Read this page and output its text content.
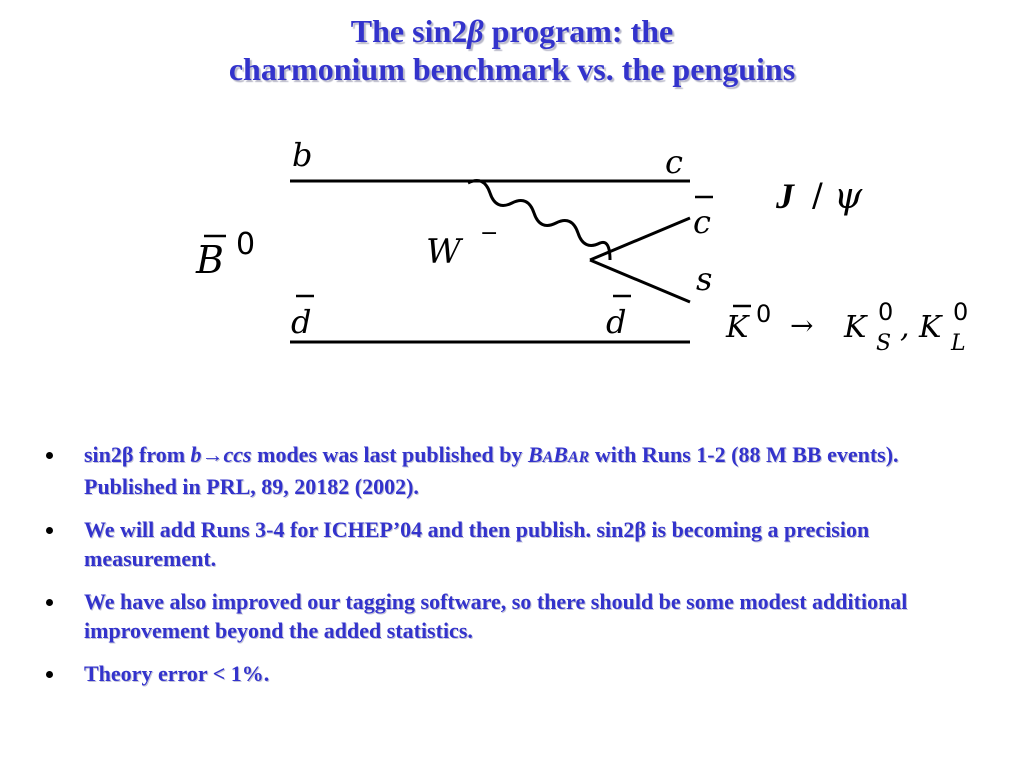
The sin2β program: the
charmonium benchmark vs. the penguins
b	c
c
s
d	d
W −
B 0
J / ψ
K 0 → K 0
S , K 0
L
sin2β from b→ccs modes was last published by BABAR with Runs 1-2 (88 M BB events). Published in PRL, 89, 20182 (2002).
We will add Runs 3-4 for ICHEP’04 and then publish. sin2β is becoming a precision measurement.
We have also improved our tagging software, so there should be some modest additional improvement beyond the added statistics.
Theory error < 1%.
